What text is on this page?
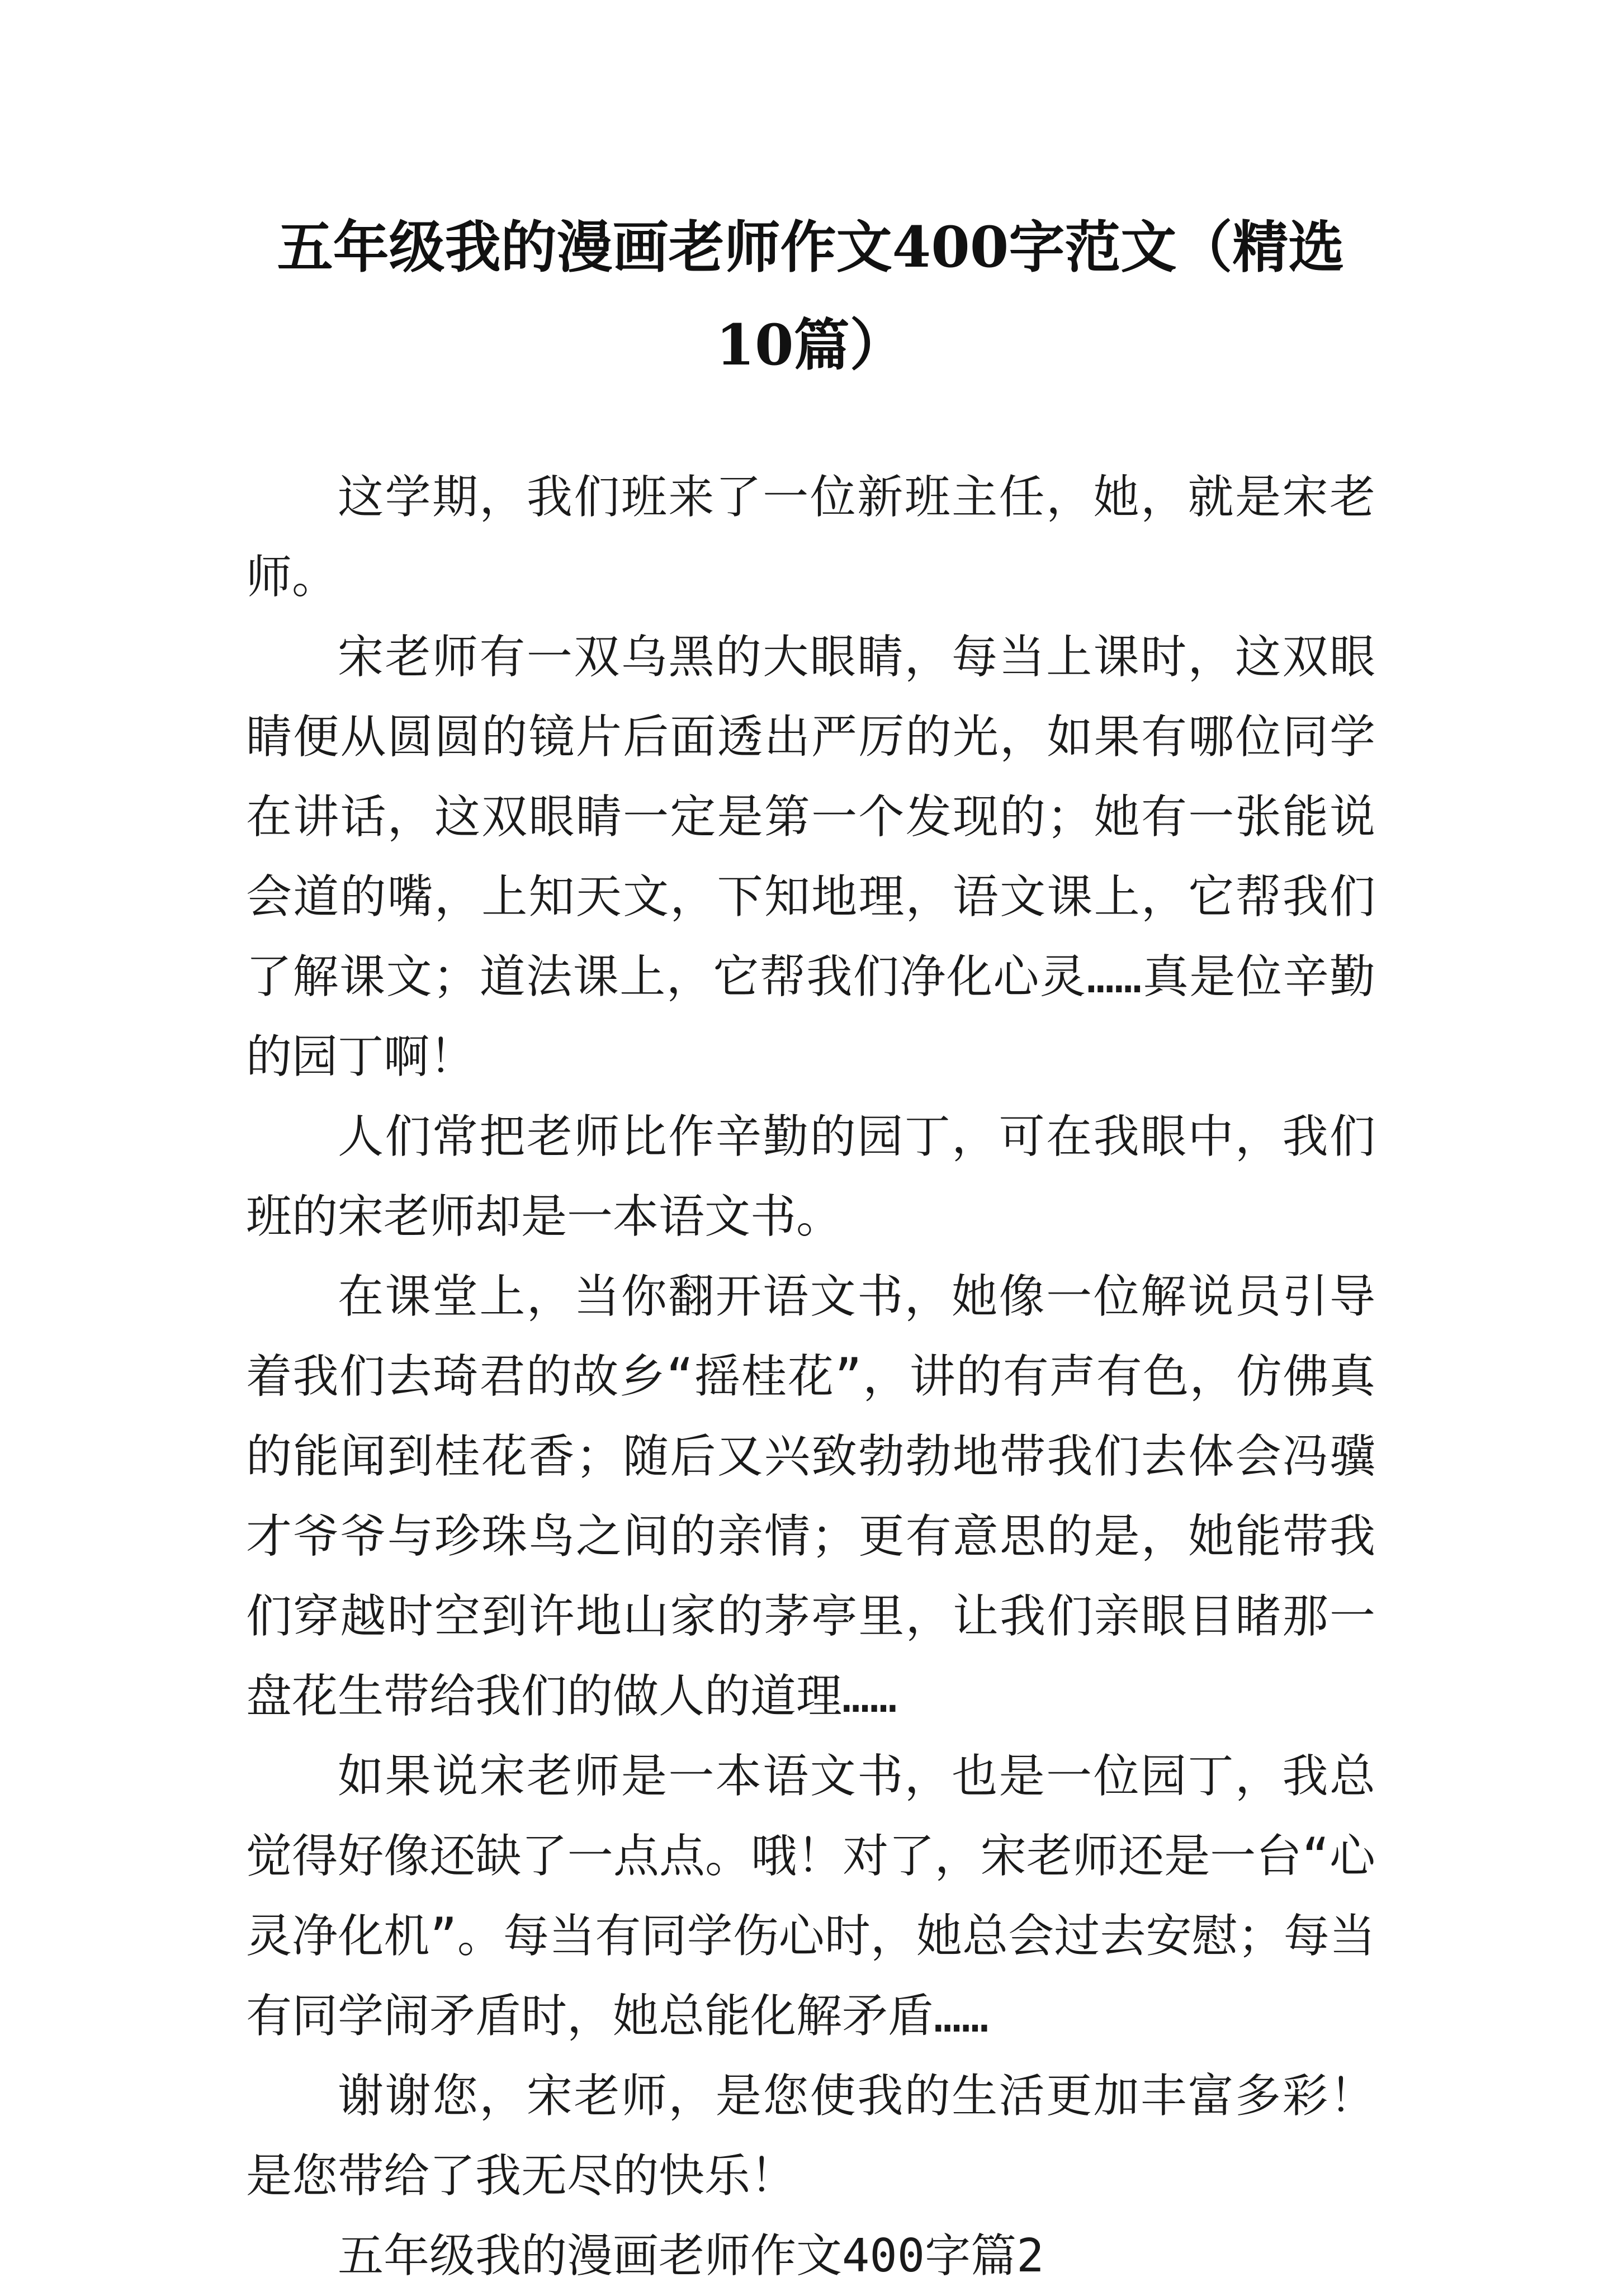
五年级我的漫画老师作文400字范文（精选10篇）

这学期，我们班来了一位新班主任，她，就是宋老师。

宋老师有一双乌黑的大眼睛，每当上课时，这双眼睛便从圆圆的镜片后面透出严厉的光，如果有哪位同学在讲话，这双眼睛一定是第一个发现的；她有一张能说会道的嘴，上知天文，下知地理，语文课上，它帮我们了解课文；道法课上，它帮我们净化心灵……真是位辛勤的园丁啊！

人们常把老师比作辛勤的园丁，可在我眼中，我们班的宋老师却是一本语文书。

在课堂上，当你翻开语文书，她像一位解说员引导着我们去琦君的故乡“摇桂花”，讲的有声有色，仿佛真的能闻到桂花香；随后又兴致勃勃地带我们去体会冯骥才爷爷与珍珠鸟之间的亲情；更有意思的是，她能带我们穿越时空到许地山家的茅亭里，让我们亲眼目睹那一盘花生带给我们的做人的道理……

如果说宋老师是一本语文书，也是一位园丁，我总觉得好像还缺了一点点。哦！对了，宋老师还是一台“心灵净化机”。每当有同学伤心时，她总会过去安慰；每当有同学闹矛盾时，她总能化解矛盾……

谢谢您，宋老师，是您使我的生活更加丰富多彩！是您带给了我无尽的快乐！

五年级我的漫画老师作文400字篇2
